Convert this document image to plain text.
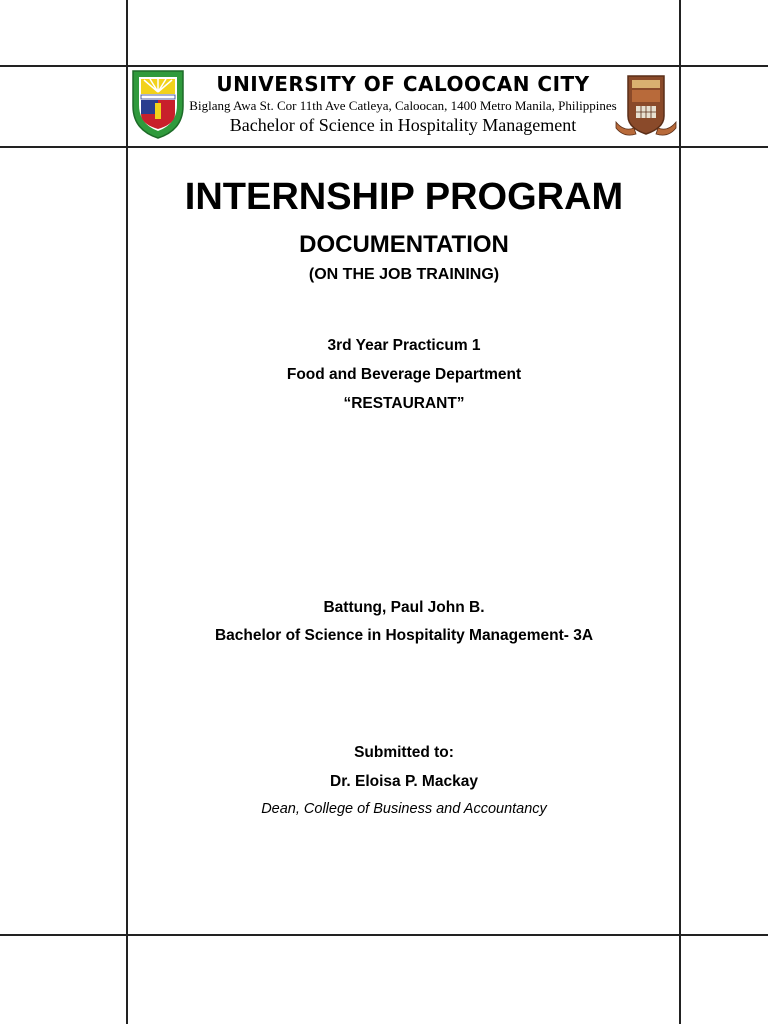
UNIVERSITY OF CALOOCAN CITY
Biglang Awa St. Cor 11th Ave Catleya, Caloocan, 1400 Metro Manila, Philippines
Bachelor of Science in Hospitality Management
INTERNSHIP PROGRAM
DOCUMENTATION
(ON THE JOB TRAINING)
3rd Year Practicum 1
Food and Beverage Department
“RESTAURANT”
Battung, Paul John B.
Bachelor of Science in Hospitality Management- 3A
Submitted to:
Dr. Eloisa P. Mackay
Dean, College of Business and Accountancy
